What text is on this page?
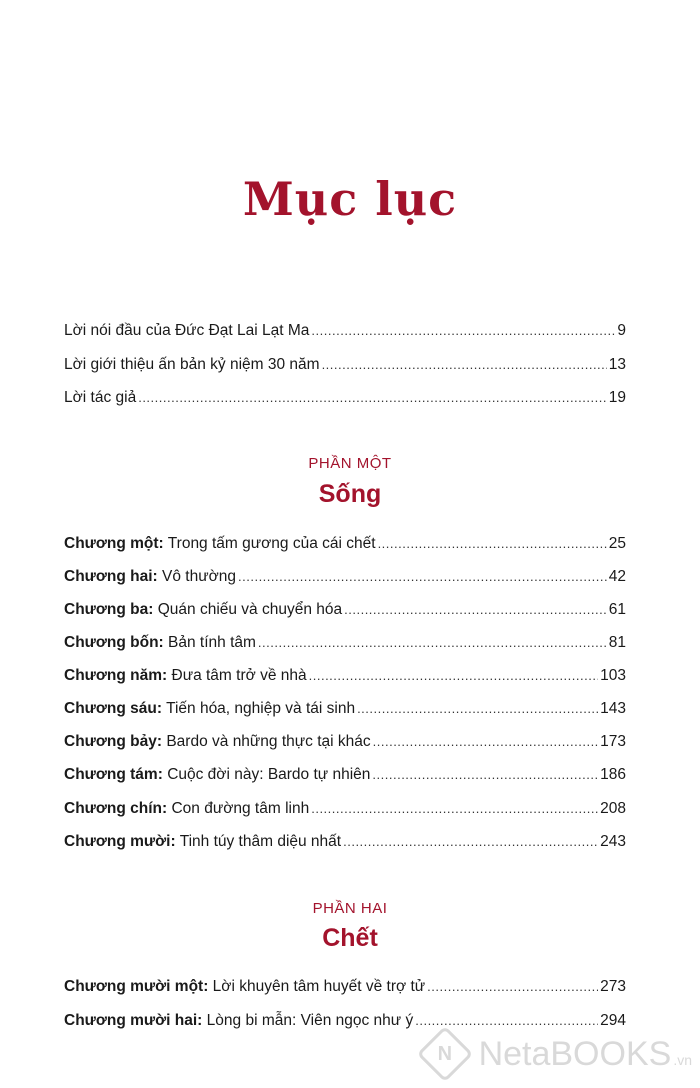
Mục lục
Lời nói đầu của Đức Đạt Lai Lạt Ma .....	9
Lời giới thiệu ấn bản kỷ niệm 30 năm .....	13
Lời tác giả .....	19
PHẦN MỘT
Sống
Chương một: Trong tấm gương của cái chết .....	25
Chương hai: Vô thường .....	42
Chương ba: Quán chiếu và chuyển hóa .....	61
Chương bốn: Bản tính tâm .....	81
Chương năm: Đưa tâm trở về nhà .....	103
Chương sáu: Tiến hóa, nghiệp và tái sinh .....	143
Chương bảy: Bardo và những thực tại khác .....	173
Chương tám: Cuộc đời này: Bardo tự nhiên .....	186
Chương chín: Con đường tâm linh .....	208
Chương mười: Tinh túy thâm diệu nhất .....	243
PHẦN HAI
Chết
Chương mười một: Lời khuyên tâm huyết về trợ tử .....	273
Chương mười hai: Lòng bi mẫn: Viên ngọc như ý .....	294
N NetaBOOKS .vn
